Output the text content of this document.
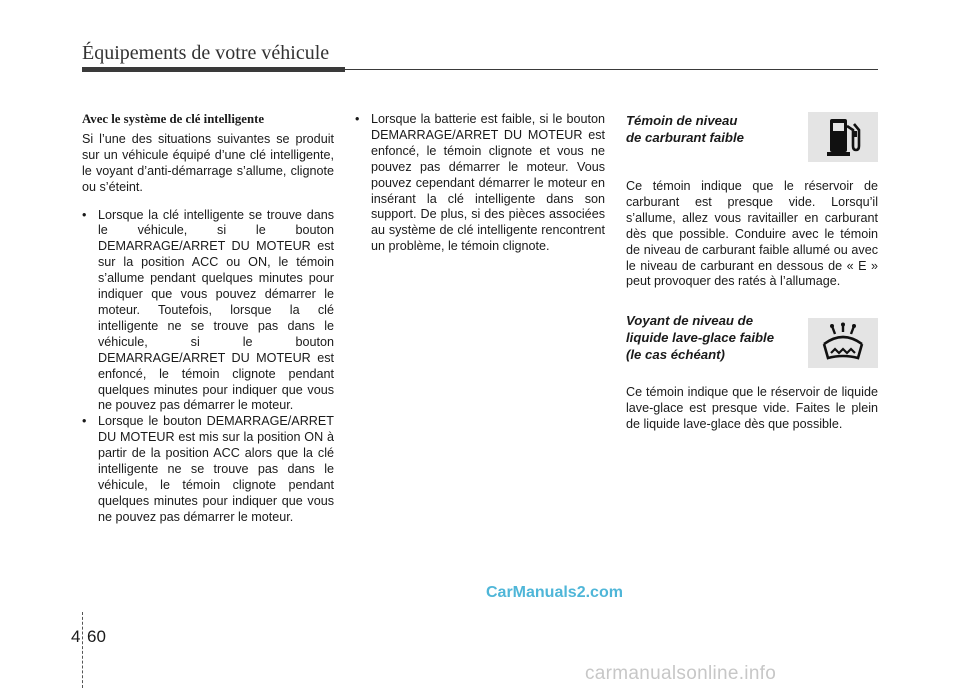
Équipements de votre véhicule
Avec le système de clé intelligente

Si l’une des situations suivantes se produit sur un véhicule équipé d’une clé intelligente, le voyant d’anti-démarrage s’allume, clignote ou s’éteint.

• Lorsque la clé intelligente se trouve dans le véhicule, si le bouton DEMARRAGE/ARRET DU MOTEUR est sur la position ACC ou ON, le témoin s’allume pendant quelques minutes pour indiquer que vous pouvez démarrer le moteur. Toutefois, lorsque la clé intelligente ne se trouve pas dans le véhicule, si le bouton DEMARRAGE/ARRET DU MOTEUR est enfoncé, le témoin clignote pendant quelques minutes pour indiquer que vous ne pouvez pas démarrer le moteur.
• Lorsque le bouton DEMARRAGE/ARRET DU MOTEUR est mis sur la position ON à partir de la position ACC alors que la clé intelligente ne se trouve pas dans le véhicule, le témoin clignote pendant quelques minutes pour indiquer que vous ne pouvez pas démarrer le moteur.
• Lorsque la batterie est faible, si le bouton DEMARRAGE/ARRET DU MOTEUR est enfoncé, le témoin clignote et vous ne pouvez pas démarrer le moteur. Vous pouvez cependant démarrer le moteur en insérant la clé intelligente dans son support. De plus, si des pièces associées au système de clé intelligente rencontrent un problème, le témoin clignote.
Témoin de niveau
de carburant faible

Ce témoin indique que le réservoir de carburant est presque vide. Lorsqu’il s’allume, allez vous ravitailler en carburant dès que possible. Conduire avec le témoin de niveau de carburant faible allumé ou avec le niveau de carburant en dessous de « E » peut provoquer des ratés à l’allumage.

Voyant de niveau de
liquide lave-glace faible
(le cas échéant)

Ce témoin indique que le réservoir de liquide lave-glace est presque vide. Faites le plein de liquide lave-glace dès que possible.

CarManuals2.com
4 60
carmanualsonline.info
